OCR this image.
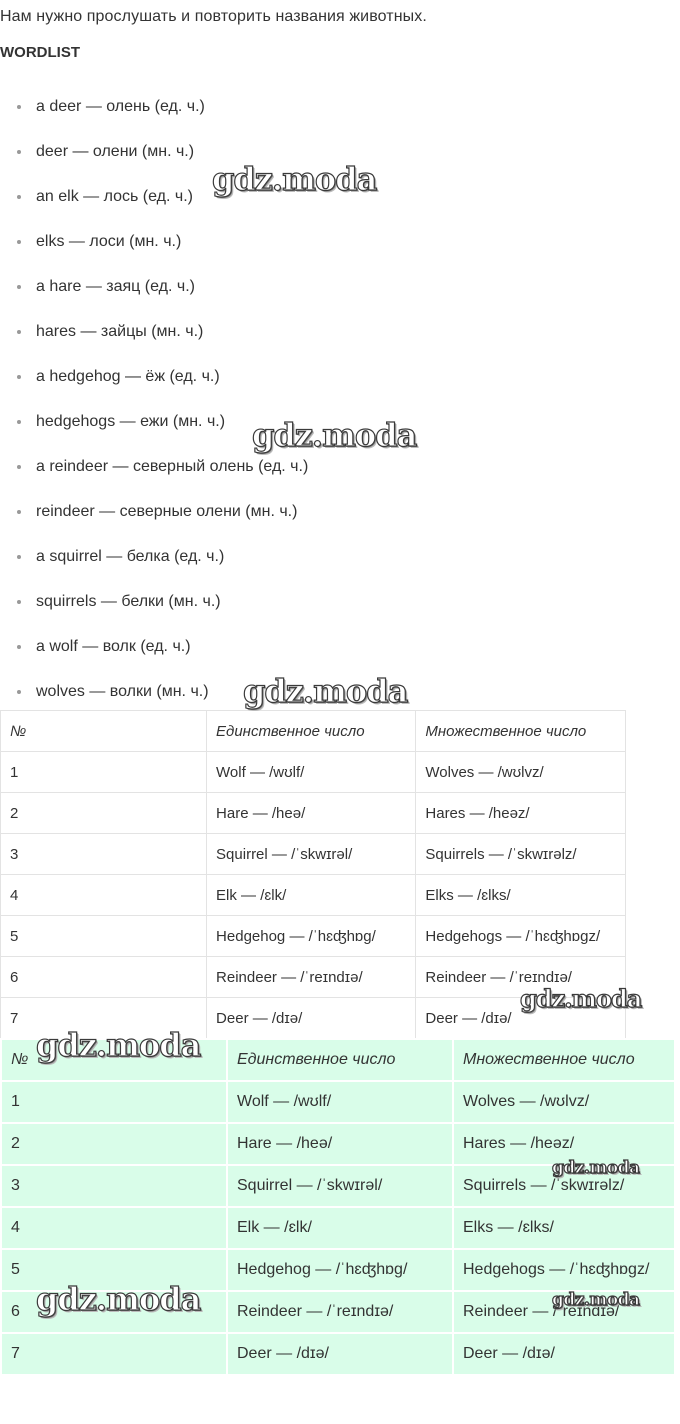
Нам нужно прослушать и повторить названия животных.
WORDLIST
a deer — олень (ед. ч.)
deer — олени (мн. ч.)
an elk — лось (ед. ч.)
elks — лоси (мн. ч.)
a hare — заяц (ед. ч.)
hares — зайцы (мн. ч.)
a hedgehog — ёж (ед. ч.)
hedgehogs — ежи (мн. ч.)
a reindeer — северный олень (ед. ч.)
reindeer — северные олени (мн. ч.)
a squirrel — белка (ед. ч.)
squirrels — белки (мн. ч.)
a wolf — волк (ед. ч.)
wolves — волки (мн. ч.)
№	Единственное число	Множественное число
1	Wolf — /wʊlf/	Wolves — /wʊlvz/
2	Hare — /heə/	Hares — /heəz/
3	Squirrel — /ˈskwɪrəl/	Squirrels — /ˈskwɪrəlz/
4	Elk — /ɛlk/	Elks — /ɛlks/
5	Hedgehog — /ˈhɛʤhɒg/	Hedgehogs — /ˈhɛʤhɒgz/
6	Reindeer — /ˈreɪndɪə/	Reindeer — /ˈreɪndɪə/
7	Deer — /dɪə/	Deer — /dɪə/
№	Единственное число	Множественное число
1	Wolf — /wʊlf/	Wolves — /wʊlvz/
2	Hare — /heə/	Hares — /heəz/
3	Squirrel — /ˈskwɪrəl/	Squirrels — /ˈskwɪrəlz/
4	Elk — /ɛlk/	Elks — /ɛlks/
5	Hedgehog — /ˈhɛʤhɒg/	Hedgehogs — /ˈhɛʤhɒgz/
6	Reindeer — /ˈreɪndɪə/	Reindeer — /ˈreɪndɪə/
7	Deer — /dɪə/	Deer — /dɪə/
gdz.moda
gdz.moda
gdz.moda
gdz.moda
gdz.moda
gdz.moda
gdz.moda	gdz.moda
